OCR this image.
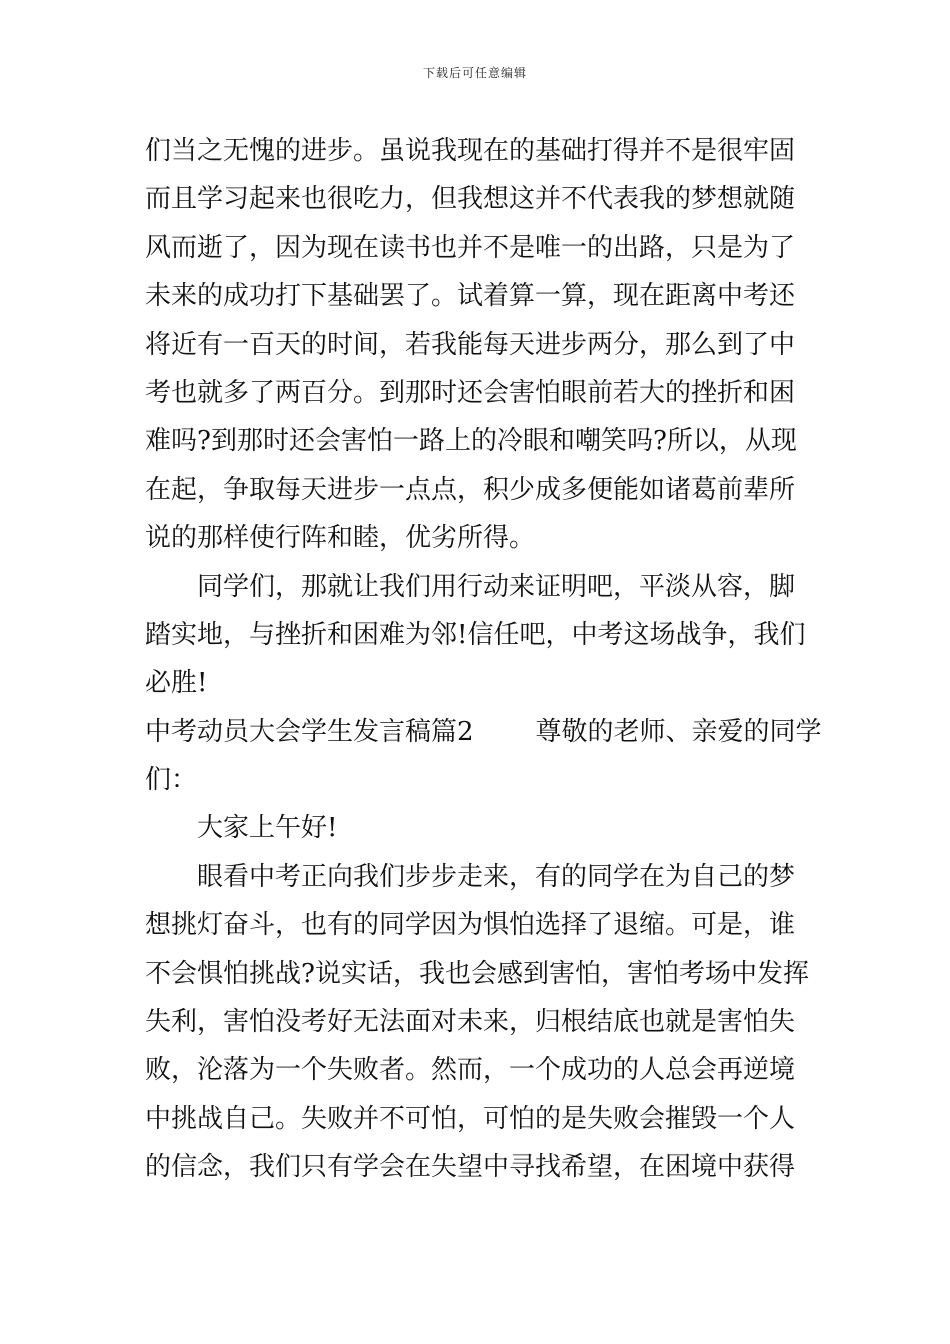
下载后可任意编辑
们当之无愧的进步。虽说我现在的基础打得并不是很牢固
而且学习起来也很吃力，但我想这并不代表我的梦想就随
风而逝了，因为现在读书也并不是唯一的出路，只是为了
未来的成功打下基础罢了。试着算一算，现在距离中考还
将近有一百天的时间，若我能每天进步两分，那么到了中
考也就多了两百分。到那时还会害怕眼前若大的挫折和困
难吗?到那时还会害怕一路上的冷眼和嘲笑吗?所以，从现
在起，争取每天进步一点点，积少成多便能如诸葛前辈所
说的那样使行阵和睦，优劣所得。
同学们，那就让我们用行动来证明吧，平淡从容，脚
踏实地，与挫折和困难为邻!信任吧，中考这场战争，我们
必胜!
中考动员大会学生发言稿篇2 尊敬的老师、亲爱的同学
们：
大家上午好!
眼看中考正向我们步步走来，有的同学在为自己的梦
想挑灯奋斗，也有的同学因为惧怕选择了退缩。可是，谁
不会惧怕挑战?说实话，我也会感到害怕，害怕考场中发挥
失利，害怕没考好无法面对未来，归根结底也就是害怕失
败，沦落为一个失败者。然而，一个成功的人总会再逆境
中挑战自己。失败并不可怕，可怕的是失败会摧毁一个人
的信念，我们只有学会在失望中寻找希望，在困境中获得
